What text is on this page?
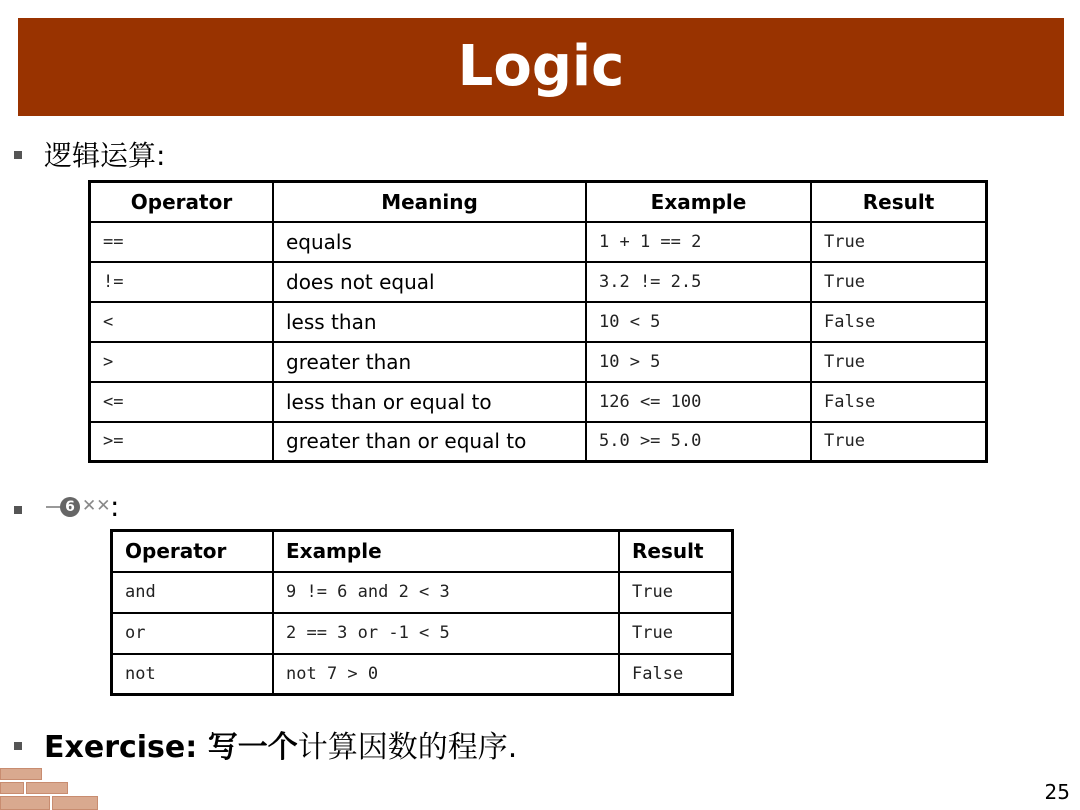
Logic
逻辑运算:
Operator	Meaning	Example	Result
==	equals	1 + 1 == 2	True
!=	does not equal	3.2 != 2.5	True
<	less than	10 < 5	False
>	greater than	10 > 5	True
<=	less than or equal to	126 <= 100	False
>=	greater than or equal to	5.0 >= 5.0	True
6 ✕✕ :
Operator	Example	Result
and	9 != 6 and 2 < 3	True
or	2 == 3 or -1 < 5	True
not	not 7 > 0	False
Exercise: 写一个计算因数的程序.
25
